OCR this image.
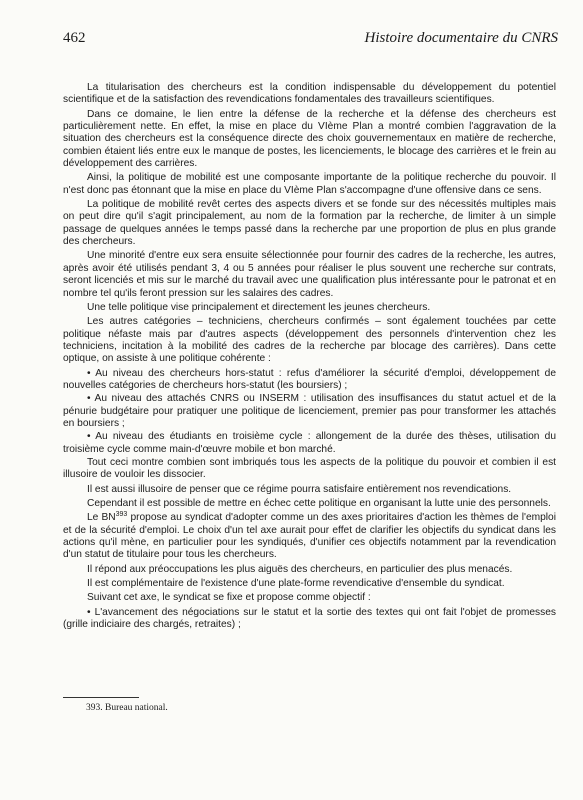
462	Histoire documentaire du CNRS

La titularisation des chercheurs est la condition indispensable du développement du potentiel scientifique et de la satisfaction des revendications fondamentales des travailleurs scientifiques.

Dans ce domaine, le lien entre la défense de la recherche et la défense des chercheurs est particulièrement nette. En effet, la mise en place du VIème Plan a montré combien l'aggravation de la situation des chercheurs est la conséquence directe des choix gouvernementaux en matière de recherche, combien étaient liés entre eux le manque de postes, les licenciements, le blocage des carrières et le frein au développement des carrières.

Ainsi, la politique de mobilité est une composante importante de la politique recherche du pouvoir. Il n'est donc pas étonnant que la mise en place du VIème Plan s'accompagne d'une offensive dans ce sens.

La politique de mobilité revêt certes des aspects divers et se fonde sur des nécessités multiples mais on peut dire qu'il s'agit principalement, au nom de la formation par la recherche, de limiter à un simple passage de quelques années le temps passé dans la recherche par une proportion de plus en plus grande des chercheurs.

Une minorité d'entre eux sera ensuite sélectionnée pour fournir des cadres de la recherche, les autres, après avoir été utilisés pendant 3, 4 ou 5 années pour réaliser le plus souvent une recherche sur contrats, seront licenciés et mis sur le marché du travail avec une qualification plus intéressante pour le patronat et en nombre tel qu'ils feront pression sur les salaires des cadres.

Une telle politique vise principalement et directement les jeunes chercheurs.

Les autres catégories – techniciens, chercheurs confirmés – sont également touchées par cette politique néfaste mais par d'autres aspects (développement des personnels d'intervention chez les techniciens, incitation à la mobilité des cadres de la recherche par blocage des carrières). Dans cette optique, on assiste à une politique cohérente :

• Au niveau des chercheurs hors-statut : refus d'améliorer la sécurité d'emploi, développement de nouvelles catégories de chercheurs hors-statut (les boursiers) ;

• Au niveau des attachés CNRS ou INSERM : utilisation des insuffisances du statut actuel et de la pénurie budgétaire pour pratiquer une politique de licenciement, premier pas pour transformer les attachés en boursiers ;

• Au niveau des étudiants en troisième cycle : allongement de la durée des thèses, utilisation du troisième cycle comme main-d'œuvre mobile et bon marché.

Tout ceci montre combien sont imbriqués tous les aspects de la politique du pouvoir et combien il est illusoire de vouloir les dissocier.

Il est aussi illusoire de penser que ce régime pourra satisfaire entièrement nos revendications.

Cependant il est possible de mettre en échec cette politique en organisant la lutte unie des personnels.

Le BN$^{393}$ propose au syndicat d'adopter comme un des axes prioritaires d'action les thèmes de l'emploi et de la sécurité d'emploi. Le choix d'un tel axe aurait pour effet de clarifier les objectifs du syndicat dans les actions qu'il mène, en particulier pour les syndiqués, d'unifier ces objectifs notamment par la revendication d'un statut de titulaire pour tous les chercheurs.

Il répond aux préoccupations les plus aiguës des chercheurs, en particulier des plus menacés.

Il est complémentaire de l'existence d'une plate-forme revendicative d'ensemble du syndicat.

Suivant cet axe, le syndicat se fixe et propose comme objectif :

• L'avancement des négociations sur le statut et la sortie des textes qui ont fait l'objet de promesses (grille indiciaire des chargés, retraites) ;

393. Bureau national.
